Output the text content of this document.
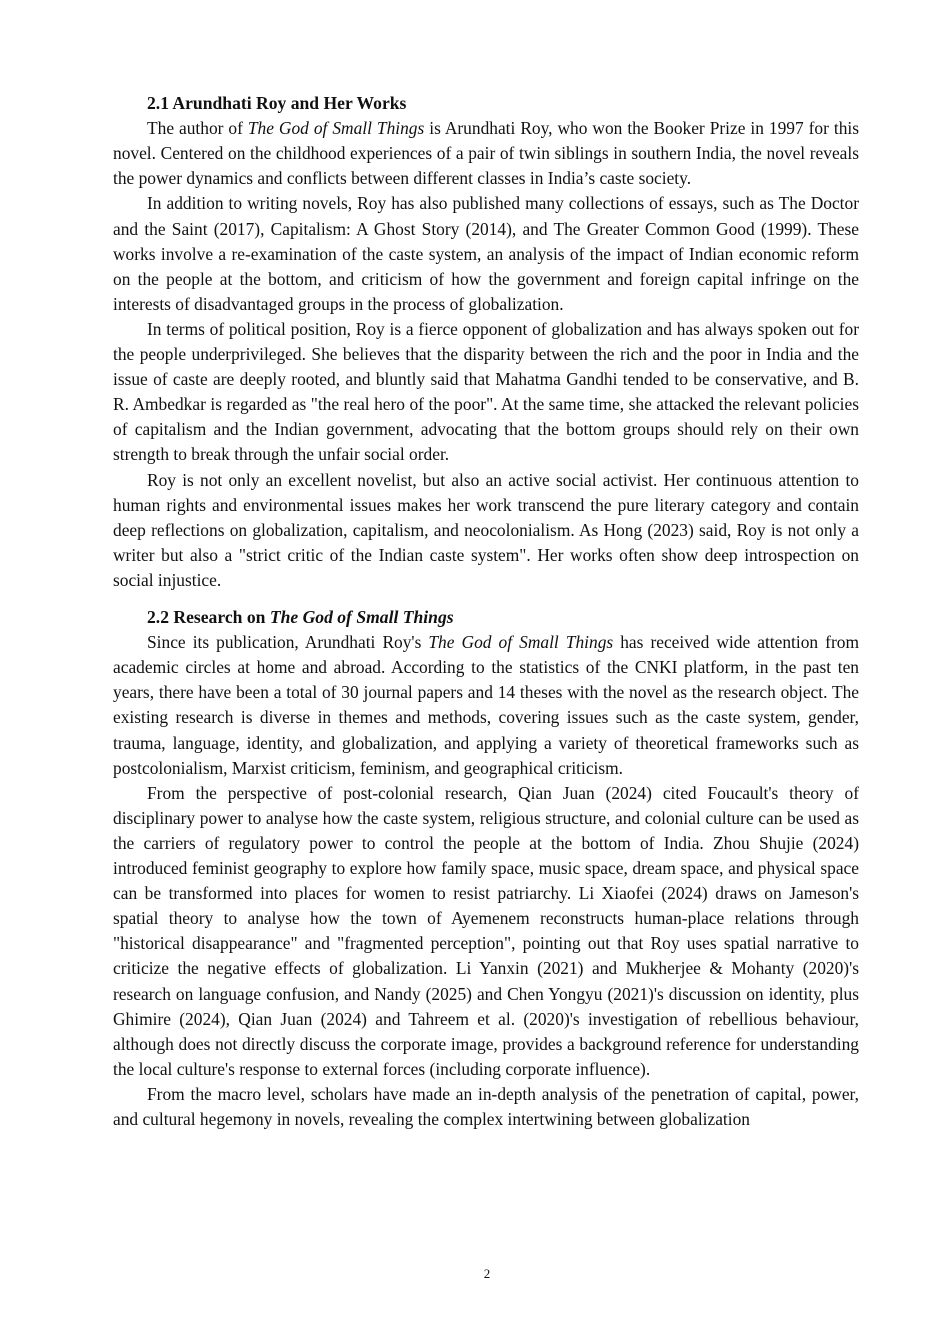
2.1 Arundhati Roy and Her Works

The author of The God of Small Things is Arundhati Roy, who won the Booker Prize in 1997 for this novel. Centered on the childhood experiences of a pair of twin siblings in southern India, the novel reveals the power dynamics and conflicts between different classes in India’s caste society.

In addition to writing novels, Roy has also published many collections of essays, such as The Doctor and the Saint (2017), Capitalism: A Ghost Story (2014), and The Greater Common Good (1999). These works involve a re-examination of the caste system, an analysis of the impact of Indian economic reform on the people at the bottom, and criticism of how the government and foreign capital infringe on the interests of disadvantaged groups in the process of globalization.

In terms of political position, Roy is a fierce opponent of globalization and has always spoken out for the people underprivileged. She believes that the disparity between the rich and the poor in India and the issue of caste are deeply rooted, and bluntly said that Mahatma Gandhi tended to be conservative, and B. R. Ambedkar is regarded as "the real hero of the poor". At the same time, she attacked the relevant policies of capitalism and the Indian government, advocating that the bottom groups should rely on their own strength to break through the unfair social order.

Roy is not only an excellent novelist, but also an active social activist. Her continuous attention to human rights and environmental issues makes her work transcend the pure literary category and contain deep reflections on globalization, capitalism, and neocolonialism. As Hong (2023) said, Roy is not only a writer but also a "strict critic of the Indian caste system". Her works often show deep introspection on social injustice.

2.2 Research on The God of Small Things

Since its publication, Arundhati Roy's The God of Small Things has received wide attention from academic circles at home and abroad. According to the statistics of the CNKI platform, in the past ten years, there have been a total of 30 journal papers and 14 theses with the novel as the research object. The existing research is diverse in themes and methods, covering issues such as the caste system, gender, trauma, language, identity, and globalization, and applying a variety of theoretical frameworks such as postcolonialism, Marxist criticism, feminism, and geographical criticism.

From the perspective of post-colonial research, Qian Juan (2024) cited Foucault's theory of disciplinary power to analyse how the caste system, religious structure, and colonial culture can be used as the carriers of regulatory power to control the people at the bottom of India. Zhou Shujie (2024) introduced feminist geography to explore how family space, music space, dream space, and physical space can be transformed into places for women to resist patriarchy. Li Xiaofei (2024) draws on Jameson's spatial theory to analyse how the town of Ayemenem reconstructs human-place relations through "historical disappearance" and "fragmented perception", pointing out that Roy uses spatial narrative to criticize the negative effects of globalization. Li Yanxin (2021) and Mukherjee & Mohanty (2020)'s research on language confusion, and Nandy (2025) and Chen Yongyu (2021)'s discussion on identity, plus Ghimire (2024), Qian Juan (2024) and Tahreem et al. (2020)'s investigation of rebellious behaviour, although does not directly discuss the corporate image, provides a background reference for understanding the local culture's response to external forces (including corporate influence).

From the macro level, scholars have made an in-depth analysis of the penetration of capital, power, and cultural hegemony in novels, revealing the complex intertwining between globalization

2
